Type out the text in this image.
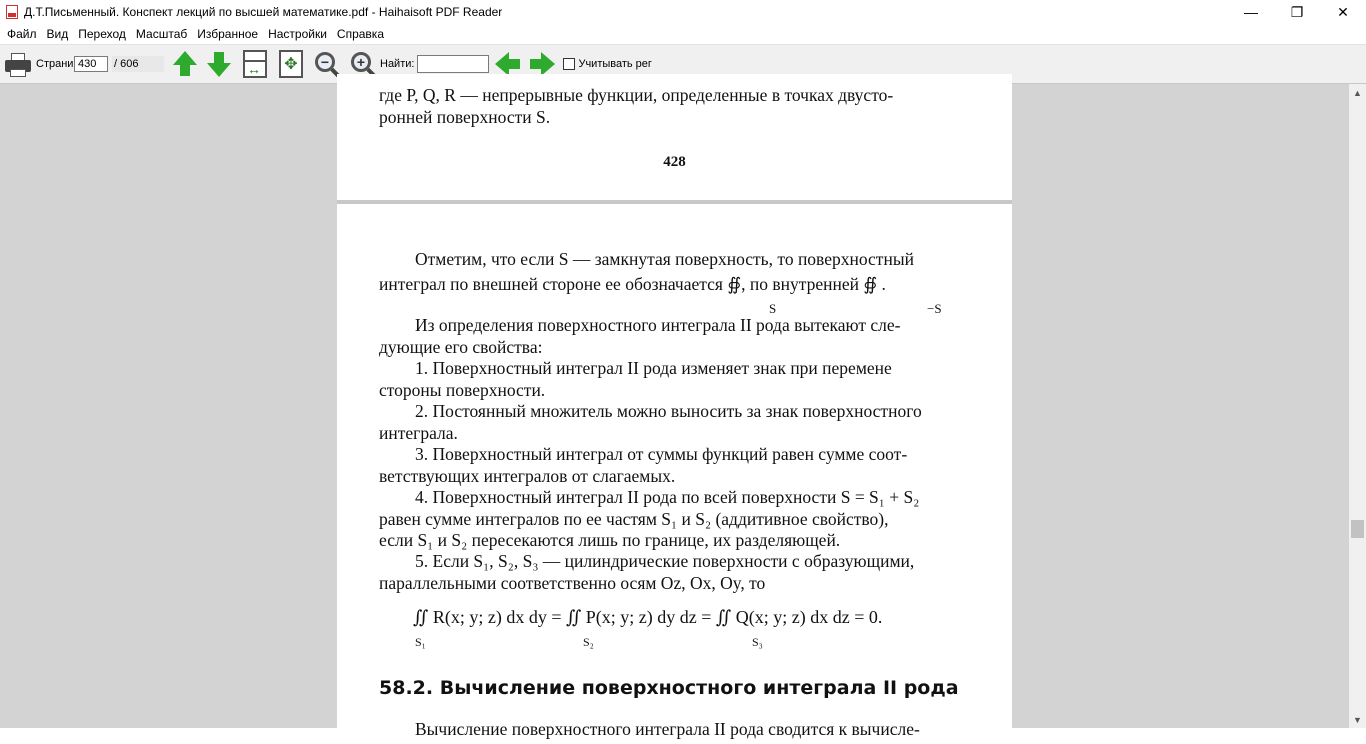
Д.Т.Письменный. Конспект лекций по высшей математике.pdf - Haihaisoft PDF Reader	—	❐	✕
Файл Вид Переход Масштаб Избранное Настройки Справка
Страни
430	/ 606
↔	✥	−	+	Найти:	Учитывать рег
где P, Q, R — непрерывные функции, определенные в точках двусто-
ронней поверхности S.
428
Отметим, что если S — замкнутая поверхность, то поверхностный
интеграл по внешней стороне ее обозначается ∯, по внутренней ∯ .
S	−S
Из определения поверхностного интеграла II рода вытекают сле-
дующие его свойства:
1. Поверхностный интеграл II рода изменяет знак при перемене
стороны поверхности.
2. Постоянный множитель можно выносить за знак поверхностного
интеграла.
3. Поверхностный интеграл от суммы функций равен сумме соот-
ветствующих интегралов от слагаемых.
4. Поверхностный интеграл II рода по всей поверхности S = S₁ + S₂
равен сумме интегралов по ее частям S₁ и S₂ (аддитивное свойство),
если S₁ и S₂ пересекаются лишь по границе, их разделяющей.
5. Если S₁, S₂, S₃ — цилиндрические поверхности с образующими,
параллельными соответственно осям Oz, Ox, Oy, то
∬ R(x; y; z) dx dy = ∬ P(x; y; z) dy dz = ∬ Q(x; y; z) dx dz = 0.
S₁	S₂	S₃
58.2. Вычисление поверхностного интеграла II рода
Вычисление поверхностного интеграла II рода сводится к вычисле-
▲
▼
